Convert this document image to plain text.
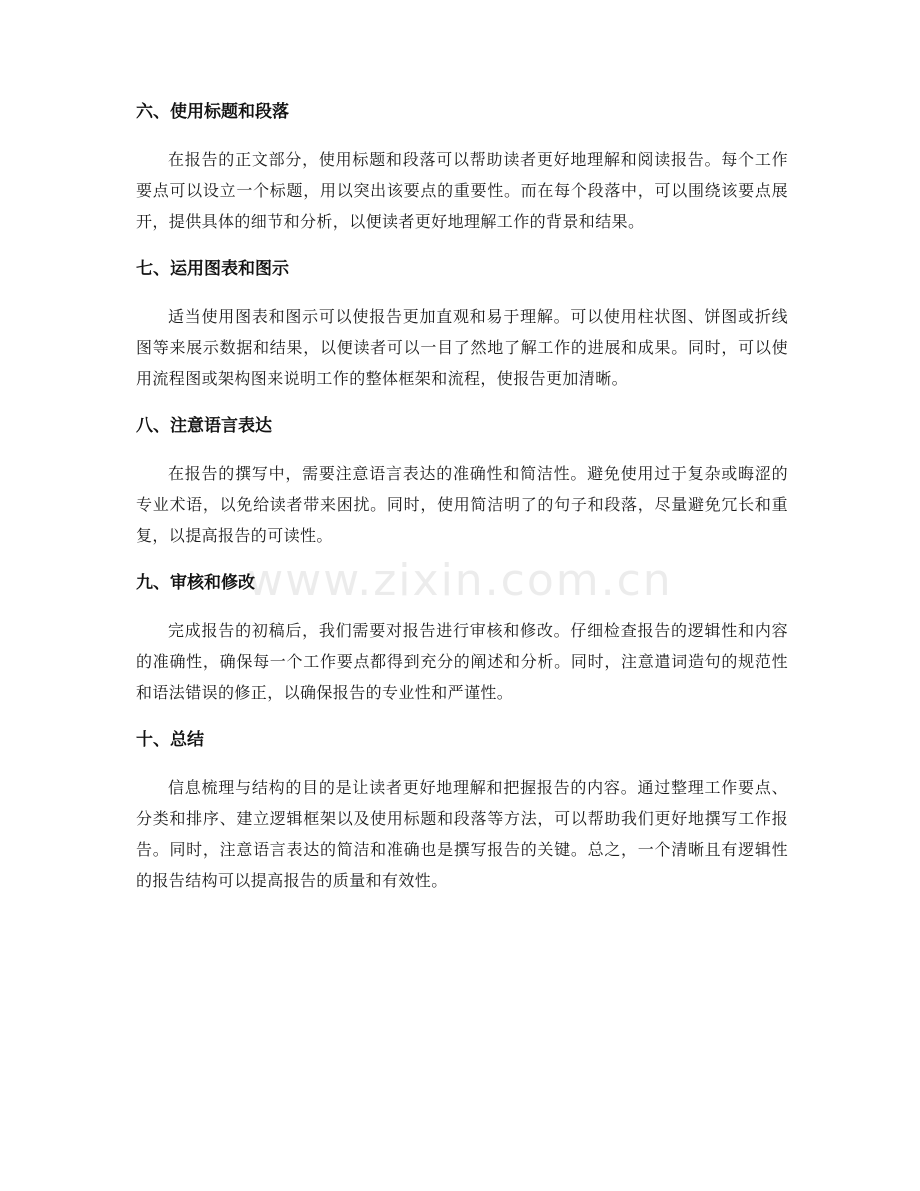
www.zixin.com.cn
六、使用标题和段落

在报告的正文部分，使用标题和段落可以帮助读者更好地理解和阅读报告。每个工作要点可以设立一个标题，用以突出该要点的重要性。而在每个段落中，可以围绕该要点展开，提供具体的细节和分析，以便读者更好地理解工作的背景和结果。

七、运用图表和图示

适当使用图表和图示可以使报告更加直观和易于理解。可以使用柱状图、饼图或折线图等来展示数据和结果，以便读者可以一目了然地了解工作的进展和成果。同时，可以使用流程图或架构图来说明工作的整体框架和流程，使报告更加清晰。

八、注意语言表达

在报告的撰写中，需要注意语言表达的准确性和简洁性。避免使用过于复杂或晦涩的专业术语，以免给读者带来困扰。同时，使用简洁明了的句子和段落，尽量避免冗长和重复，以提高报告的可读性。

九、审核和修改

完成报告的初稿后，我们需要对报告进行审核和修改。仔细检查报告的逻辑性和内容的准确性，确保每一个工作要点都得到充分的阐述和分析。同时，注意遣词造句的规范性和语法错误的修正，以确保报告的专业性和严谨性。

十、总结

信息梳理与结构的目的是让读者更好地理解和把握报告的内容。通过整理工作要点、分类和排序、建立逻辑框架以及使用标题和段落等方法，可以帮助我们更好地撰写工作报告。同时，注意语言表达的简洁和准确也是撰写报告的关键。总之，一个清晰且有逻辑性的报告结构可以提高报告的质量和有效性。
